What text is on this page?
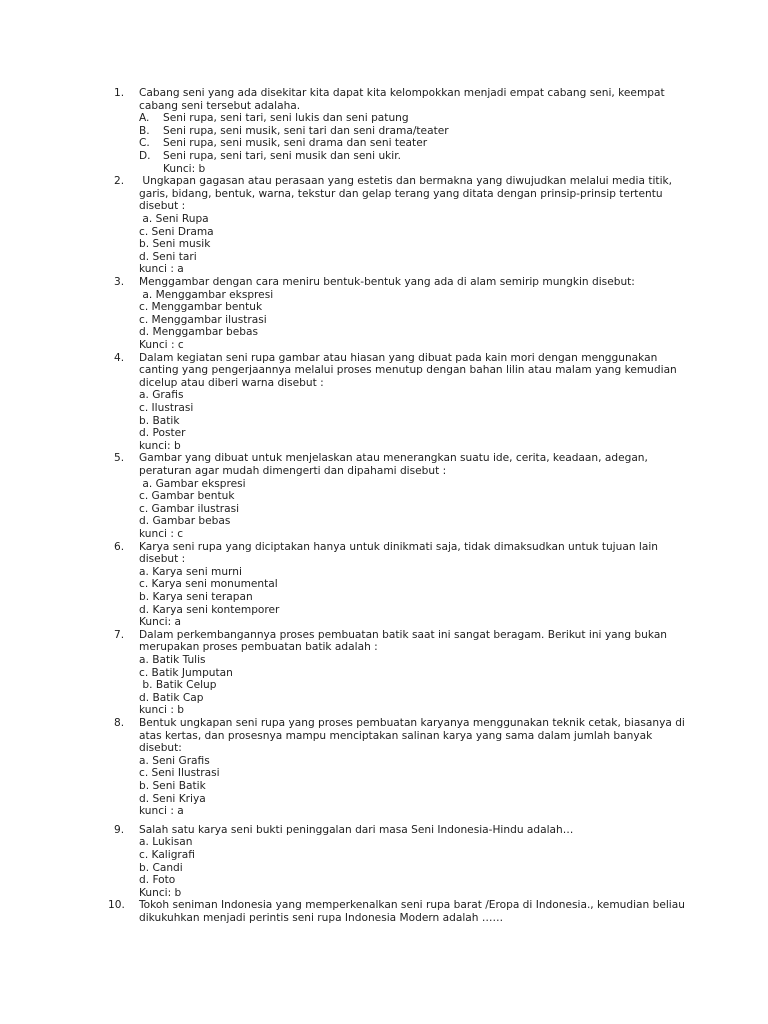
1. Cabang seni yang ada disekitar kita dapat kita kelompokkan menjadi empat cabang seni, keempat
cabang seni tersebut adalaha.
A.	Seni rupa, seni tari, seni lukis dan seni patung
B.	Seni rupa, seni musik, seni tari dan seni drama/teater
C.	Seni rupa, seni musik, seni drama dan seni teater
D.	Seni rupa, seni tari, seni musik dan seni ukir.
Kunci: b
2. Ungkapan gagasan atau perasaan yang estetis dan bermakna yang diwujudkan melalui media titik,
garis, bidang, bentuk, warna, tekstur dan gelap terang yang ditata dengan prinsip-prinsip tertentu
disebut :
a. Seni Rupa
c. Seni Drama
b. Seni musik
d. Seni tari
kunci : a
3. Menggambar dengan cara meniru bentuk-bentuk yang ada di alam semirip mungkin disebut:
a. Menggambar ekspresi
c. Menggambar bentuk
c. Menggambar ilustrasi
d. Menggambar bebas
Kunci : c
4. Dalam kegiatan seni rupa gambar atau hiasan yang dibuat pada kain mori dengan menggunakan
canting yang pengerjaannya melalui proses menutup dengan bahan lilin atau malam yang kemudian
dicelup atau diberi warna disebut :
a. Grafis
c. Ilustrasi
b. Batik
d. Poster
kunci: b
5. Gambar yang dibuat untuk menjelaskan atau menerangkan suatu ide, cerita, keadaan, adegan,
peraturan agar mudah dimengerti dan dipahami disebut :
a. Gambar ekspresi
c. Gambar bentuk
c. Gambar ilustrasi
d. Gambar bebas
kunci : c
6. Karya seni rupa yang diciptakan hanya untuk dinikmati saja, tidak dimaksudkan untuk tujuan lain
disebut :
a. Karya seni murni
c. Karya seni monumental
b. Karya seni terapan
d. Karya seni kontemporer
Kunci: a
7. Dalam perkembangannya proses pembuatan batik saat ini sangat beragam. Berikut ini yang bukan
merupakan proses pembuatan batik adalah :
a. Batik Tulis
c. Batik Jumputan
b. Batik Celup
d. Batik Cap
kunci : b
8. Bentuk ungkapan seni rupa yang proses pembuatan karyanya menggunakan teknik cetak, biasanya di
atas kertas, dan prosesnya mampu menciptakan salinan karya yang sama dalam jumlah banyak
disebut:
a. Seni Grafis
c. Seni Ilustrasi
b. Seni Batik
d. Seni Kriya
kunci : a
9. Salah satu karya seni bukti peninggalan dari masa Seni Indonesia-Hindu adalah…
a. Lukisan
c. Kaligrafi
b. Candi
d. Foto
Kunci: b
10. Tokoh seniman Indonesia yang memperkenalkan seni rupa barat /Eropa di Indonesia., kemudian beliau
dikukuhkan menjadi perintis seni rupa Indonesia Modern adalah ……
